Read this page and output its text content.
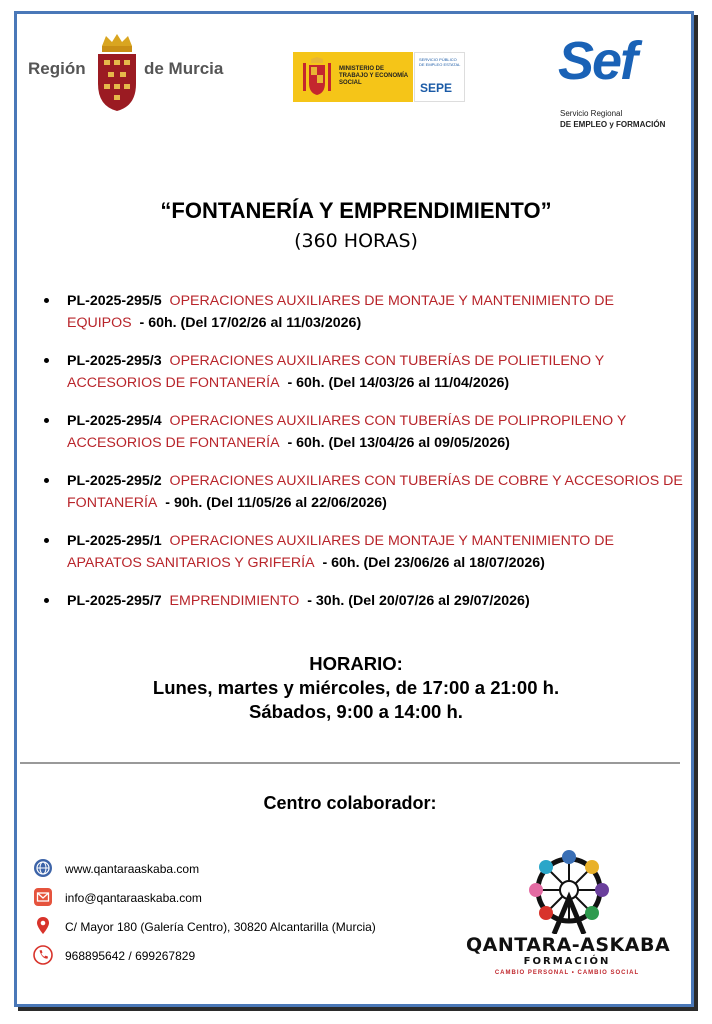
Región	de Murcia	MINISTERIO DE TRABAJO Y ECONOMÍA SOCIAL
SERVICIO PÚBLICO DE EMPLEO ESTATAL
SEPE Sef
Servicio Regional
DE EMPLEO y FORMACIÓN
“FONTANERÍA Y EMPRENDIMIENTO”
(360 HORAS)
PL-2025-295/5 OPERACIONES AUXILIARES DE MONTAJE Y MANTENIMIENTO DE EQUIPOS - 60h. (Del 17/02/26 al 11/03/2026)
PL-2025-295/3 OPERACIONES AUXILIARES CON TUBERÍAS DE POLIETILENO Y ACCESORIOS DE FONTANERÍA - 60h. (Del 14/03/26 al 11/04/2026)
PL-2025-295/4 OPERACIONES AUXILIARES CON TUBERÍAS DE POLIPROPILENO Y ACCESORIOS DE FONTANERÍA - 60h. (Del 13/04/26 al 09/05/2026)
PL-2025-295/2 OPERACIONES AUXILIARES CON TUBERÍAS DE COBRE Y ACCESORIOS DE FONTANERÍA - 90h. (Del 11/05/26 al 22/06/2026)
PL-2025-295/1 OPERACIONES AUXILIARES DE MONTAJE Y MANTENIMIENTO DE APARATOS SANITARIOS Y GRIFERÍA - 60h. (Del 23/06/26 al 18/07/2026)
PL-2025-295/7 EMPRENDIMIENTO - 30h. (Del 20/07/26 al 29/07/2026)
HORARIO:
Lunes, martes y miércoles, de 17:00 a 21:00 h.
Sábados, 9:00 a 14:00 h.
Centro colaborador:
www.qantaraaskaba.com
info@qantaraaskaba.com
C/ Mayor 180 (Galería Centro), 30820 Alcantarilla (Murcia)
968895642 / 699267829	QANTARA-ASKABA
FORMACIÓN
CAMBIO PERSONAL • CAMBIO SOCIAL
